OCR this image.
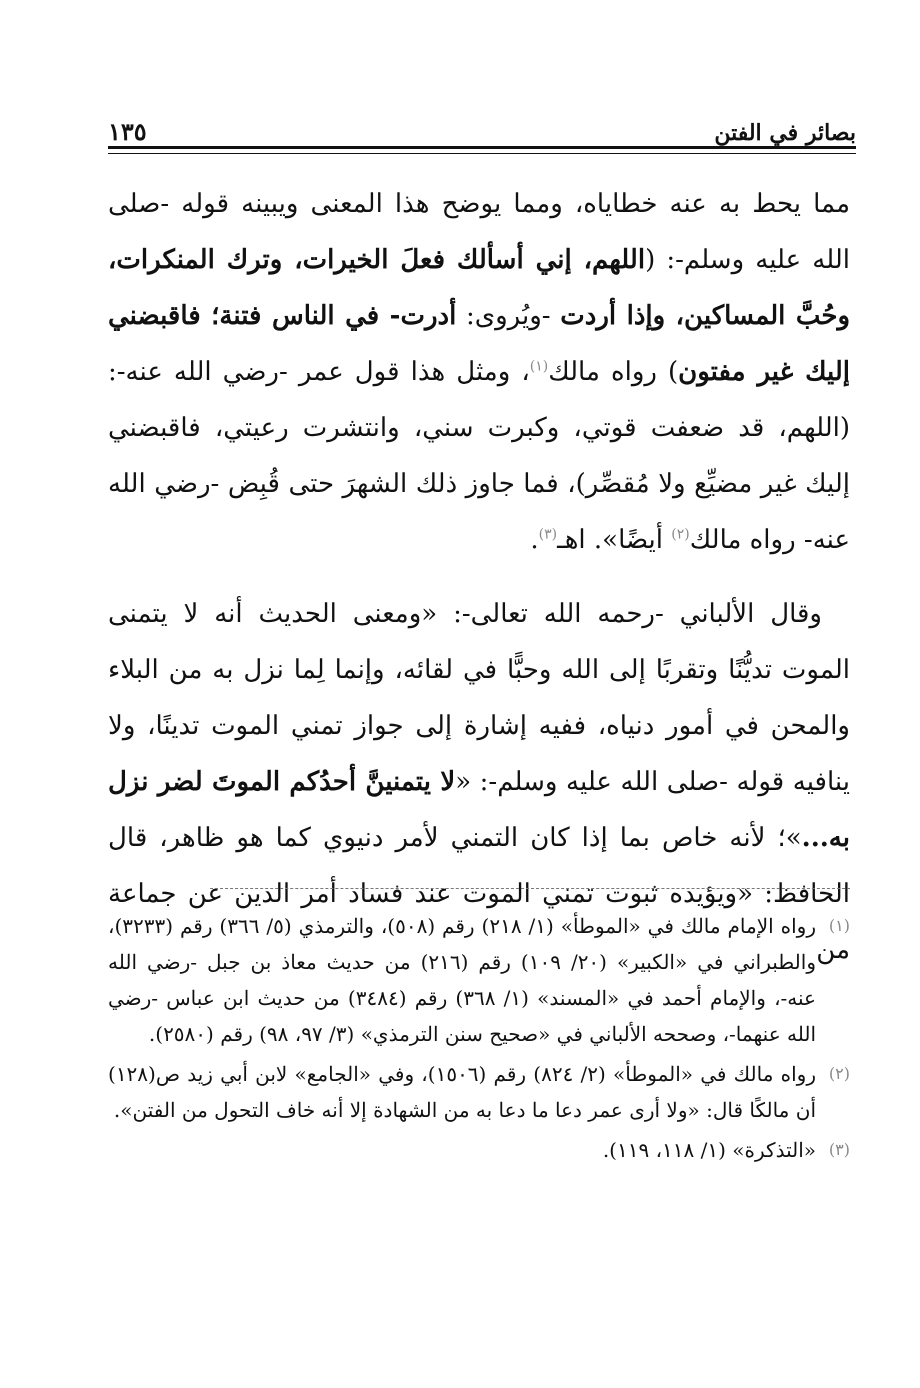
بصائر في الفتن
١٣٥

مما يحط به عنه خطاياه، ومما يوضح هذا المعنى ويبينه قوله -صلى الله عليه وسلم-: (اللهم، إني أسألك فعلَ الخيرات، وترك المنكرات، وحُبَّ المساكين، وإذا أردت -ويُروى: أدرت- في الناس فتنة؛ فاقبضني إليك غير مفتون) رواه مالك$^{(١)}$، ومثل هذا قول عمر -رضي الله عنه-: (اللهم، قد ضعفت قوتي، وكبرت سني، وانتشرت رعيتي، فاقبضني إليك غير مضيِّع ولا مُقصِّر)، فما جاوز ذلك الشهرَ حتى قُبِض -رضي الله عنه- رواه مالك$^{(٢)}$ أيضًا». اهـ$^{(٣)}$.

وقال الألباني -رحمه الله تعالى-: «ومعنى الحديث أنه لا يتمنى الموت تديُّنًا وتقربًا إلى الله وحبًّا في لقائه، وإنما لِما نزل به من البلاء والمحن في أمور دنياه، ففيه إشارة إلى جواز تمني الموت تدينًا، ولا ينافيه قوله -صلى الله عليه وسلم-: «لا يتمنينَّ أحدُكم الموتَ لضر نزل به...»؛ لأنه خاص بما إذا كان التمني لأمر دنيوي كما هو ظاهر، قال الحافظ: «ويؤيده ثبوت تمني الموت عند فساد أمر الدين عن جماعة من

(١)
رواه الإمام مالك في «الموطأ» (١/ ٢١٨) رقم (٥٠٨)، والترمذي (٥/ ٣٦٦) رقم (٣٢٣٣)، والطبراني في «الكبير» (٢٠/ ١٠٩) رقم (٢١٦) من حديث معاذ بن جبل -رضي الله عنه-، والإمام أحمد في «المسند» (١/ ٣٦٨) رقم (٣٤٨٤) من حديث ابن عباس -رضي الله عنهما-، وصححه الألباني في «صحيح سنن الترمذي» (٣/ ٩٧، ٩٨) رقم (٢٥٨٠).
(٢)
رواه مالك في «الموطأ» (٢/ ٨٢٤) رقم (١٥٠٦)، وفي «الجامع» لابن أبي زيد ص(١٢٨) أن مالكًا قال: «ولا أرى عمر دعا ما دعا به من الشهادة إلا أنه خاف التحول من الفتن».
(٣)
«التذكرة» (١/ ١١٨، ١١٩).
